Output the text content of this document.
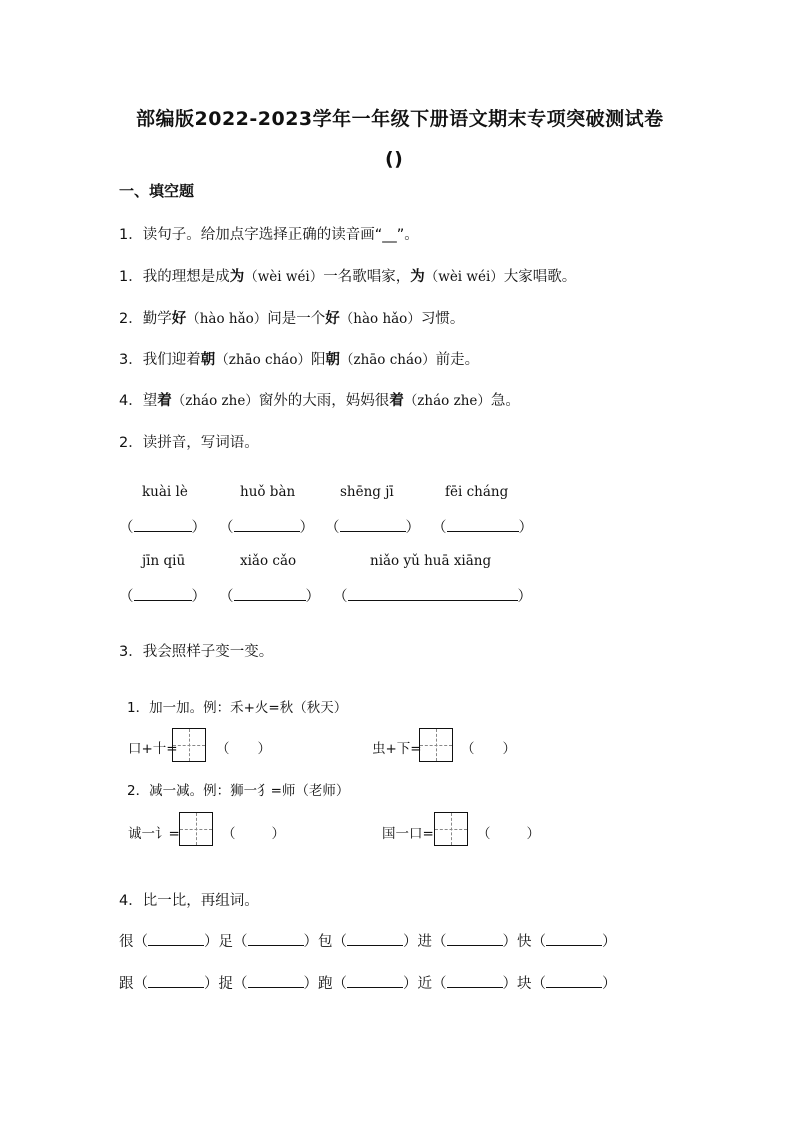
部编版2022-2023学年一年级下册语文期末专项突破测试卷
()
一、填空题
1．读句子。给加点字选择正确的读音画“__”。
1．我的理想是成为（wèi wéi）一名歌唱家，为（wèi wéi）大家唱歌。
2．勤学好（hào hǎo）问是一个好（hào hǎo）习惯。
3．我们迎着朝（zhāo cháo）阳朝（zhāo cháo）前走。
4．望着（zháo zhe）窗外的大雨，妈妈很着（zháo zhe）急。
2．读拼音，写词语。
kuài lè	huǒ bàn	shēng jī	fēi cháng
（	） （	） （	） （	）
jīn qiū	xiǎo cǎo	niǎo yǔ huā xiāng
（	） （	） （	）
3．我会照样子变一变。
1．加一加。例：禾+火=秋（秋天）
口+十=	（ ）	虫+下=	（ ）
2．减一减。例：狮一犭=师（老师）
诚一讠=	（	）	国一口=	（	）
4．比一比，再组词。
很（	）足（	）包（	）进（	）快（	）
跟（	）捉（	）跑（	）近（	）块（	）
